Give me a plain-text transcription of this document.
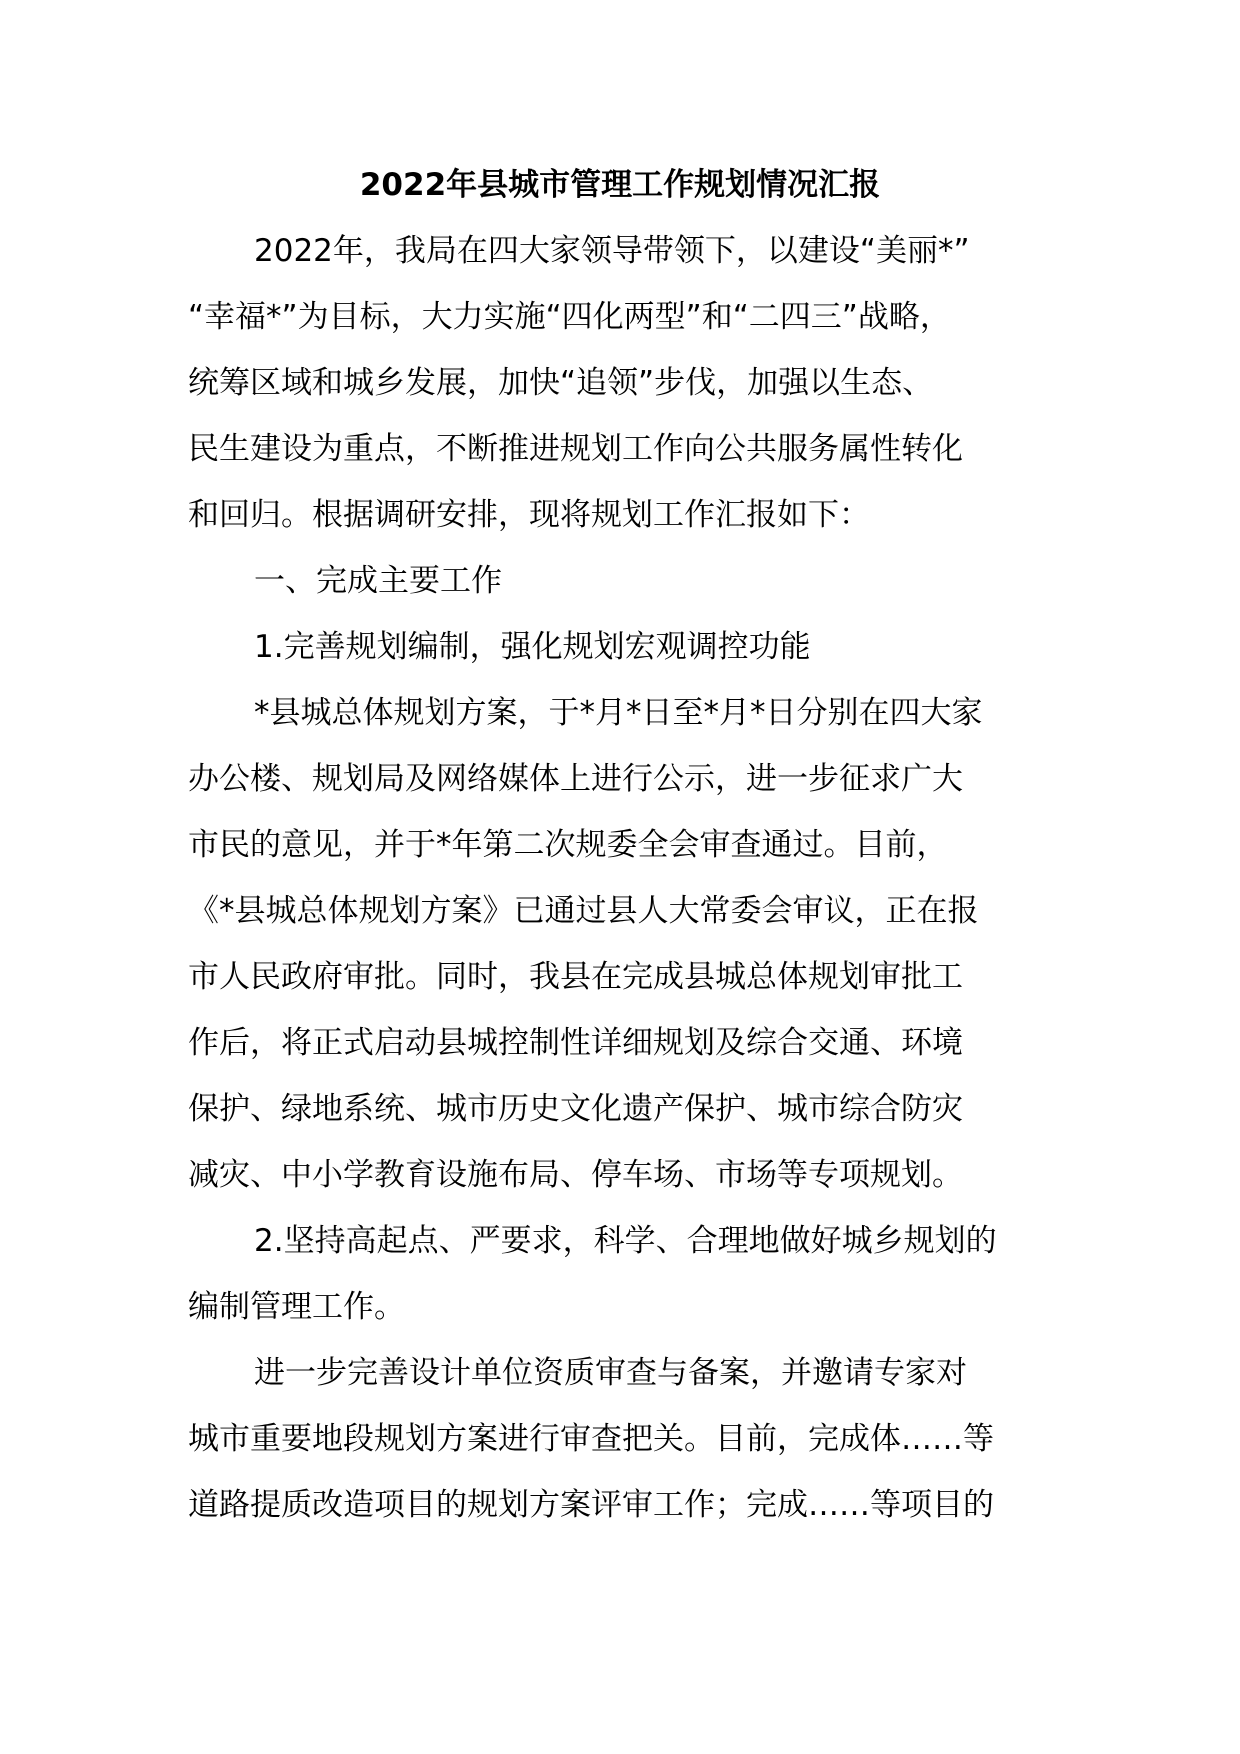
2022年县城市管理工作规划情况汇报
2022年，我局在四大家领导带领下，以建设“美丽*”
“幸福*”为目标，大力实施“四化两型”和“二四三”战略，
统筹区域和城乡发展，加快“追领”步伐，加强以生态、
民生建设为重点，不断推进规划工作向公共服务属性转化
和回归。根据调研安排，现将规划工作汇报如下：
一、完成主要工作
1.完善规划编制，强化规划宏观调控功能
*县城总体规划方案，于*月*日至*月*日分别在四大家
办公楼、规划局及网络媒体上进行公示，进一步征求广大
市民的意见，并于*年第二次规委全会审查通过。目前，
《*县城总体规划方案》已通过县人大常委会审议，正在报
市人民政府审批。同时，我县在完成县城总体规划审批工
作后，将正式启动县城控制性详细规划及综合交通、环境
保护、绿地系统、城市历史文化遗产保护、城市综合防灾
减灾、中小学教育设施布局、停车场、市场等专项规划。
2.坚持高起点、严要求，科学、合理地做好城乡规划的
编制管理工作。
进一步完善设计单位资质审查与备案，并邀请专家对
城市重要地段规划方案进行审查把关。目前，完成体……等
道路提质改造项目的规划方案评审工作；完成……等项目的
